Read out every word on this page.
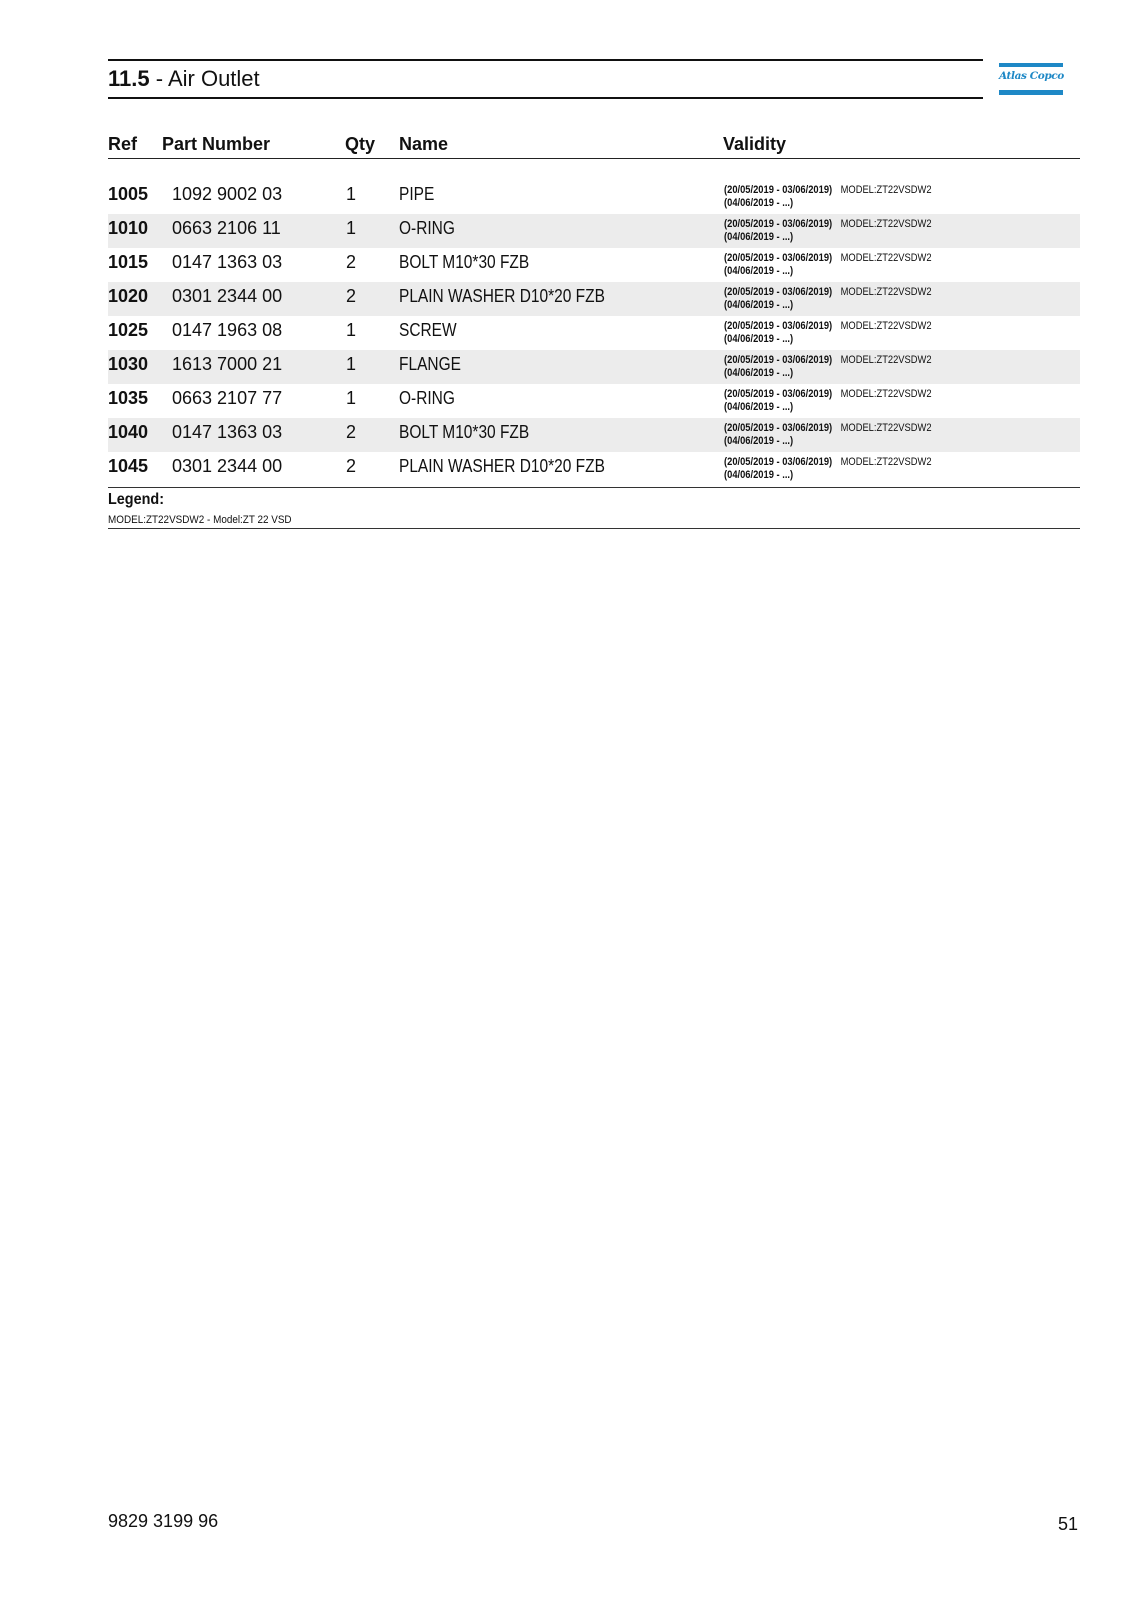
11.5 - Air Outlet	Atlas Copco
Ref Part Number	Qty Name	Validity
1005 1092 9002 03	1 PIPE	(20/05/2019 - 03/06/2019) MODEL:ZT22VSDW2
(04/06/2019 - ...)
1010 0663 2106 11	1 O-RING	(20/05/2019 - 03/06/2019) MODEL:ZT22VSDW2
(04/06/2019 - ...)
1015 0147 1363 03	2 BOLT M10*30 FZB	(20/05/2019 - 03/06/2019) MODEL:ZT22VSDW2
(04/06/2019 - ...)
1020 0301 2344 00	2 PLAIN WASHER D10*20 FZB	(20/05/2019 - 03/06/2019) MODEL:ZT22VSDW2
(04/06/2019 - ...)
1025 0147 1963 08	1 SCREW	(20/05/2019 - 03/06/2019) MODEL:ZT22VSDW2
(04/06/2019 - ...)
1030 1613 7000 21	1 FLANGE	(20/05/2019 - 03/06/2019) MODEL:ZT22VSDW2
(04/06/2019 - ...)
1035 0663 2107 77	1 O-RING	(20/05/2019 - 03/06/2019) MODEL:ZT22VSDW2
(04/06/2019 - ...)
1040 0147 1363 03	2 BOLT M10*30 FZB	(20/05/2019 - 03/06/2019) MODEL:ZT22VSDW2
(04/06/2019 - ...)
1045 0301 2344 00	2 PLAIN WASHER D10*20 FZB	(20/05/2019 - 03/06/2019) MODEL:ZT22VSDW2
(04/06/2019 - ...)
Legend:
MODEL:ZT22VSDW2 - Model:ZT 22 VSD
9829 3199 96	51
